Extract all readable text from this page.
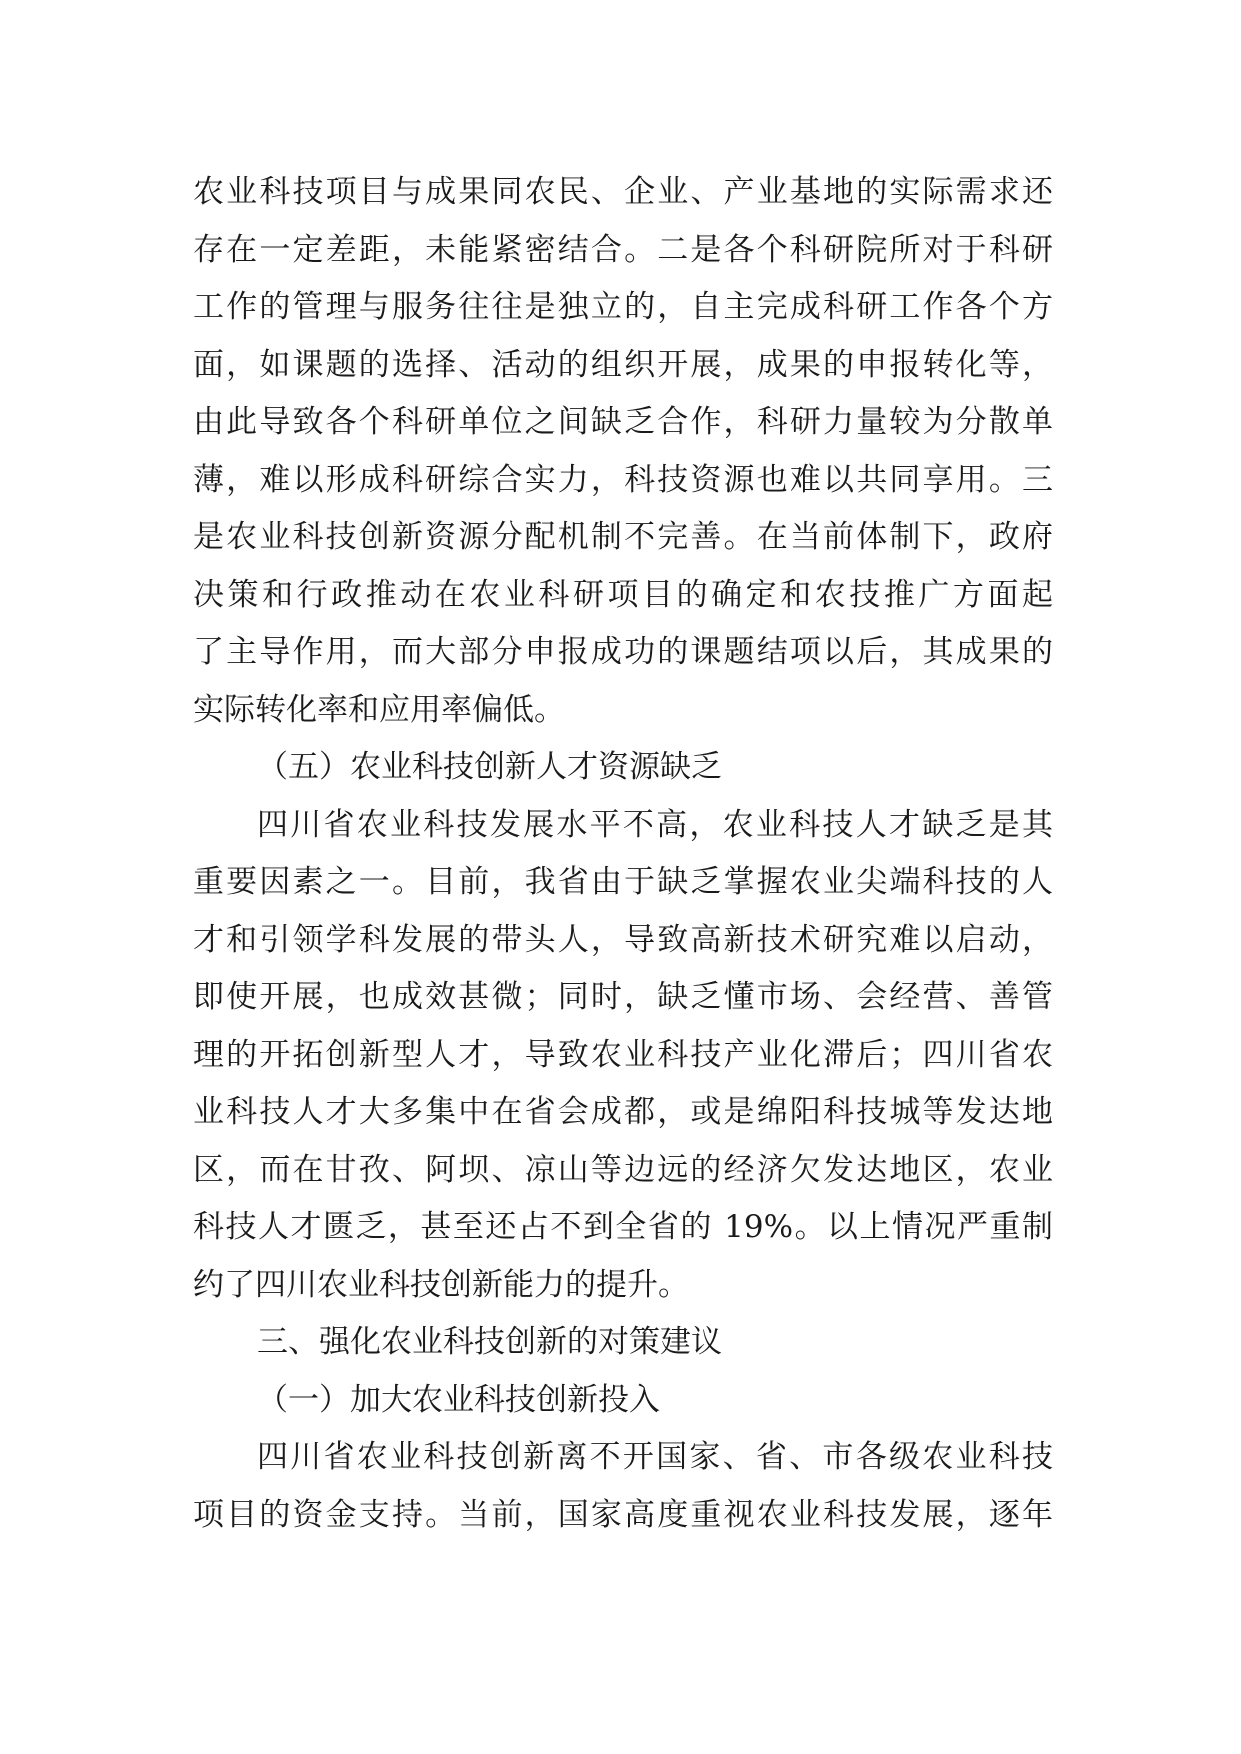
农业科技项目与成果同农民、企业、产业基地的实际需求还
存在一定差距，未能紧密结合。二是各个科研院所对于科研
工作的管理与服务往往是独立的，自主完成科研工作各个方
面，如课题的选择、活动的组织开展，成果的申报转化等，
由此导致各个科研单位之间缺乏合作，科研力量较为分散单
薄，难以形成科研综合实力，科技资源也难以共同享用。三
是农业科技创新资源分配机制不完善。在当前体制下，政府
决策和行政推动在农业科研项目的确定和农技推广方面起
了主导作用，而大部分申报成功的课题结项以后，其成果的
实际转化率和应用率偏低。
（五）农业科技创新人才资源缺乏
四川省农业科技发展水平不高，农业科技人才缺乏是其
重要因素之一。目前，我省由于缺乏掌握农业尖端科技的人
才和引领学科发展的带头人，导致高新技术研究难以启动，
即使开展，也成效甚微；同时，缺乏懂市场、会经营、善管
理的开拓创新型人才，导致农业科技产业化滞后；四川省农
业科技人才大多集中在省会成都，或是绵阳科技城等发达地
区，而在甘孜、阿坝、凉山等边远的经济欠发达地区，农业
科技人才匮乏，甚至还占不到全省的 19%。以上情况严重制
约了四川农业科技创新能力的提升。
三、强化农业科技创新的对策建议
（一）加大农业科技创新投入
四川省农业科技创新离不开国家、省、市各级农业科技
项目的资金支持。当前，国家高度重视农业科技发展，逐年
